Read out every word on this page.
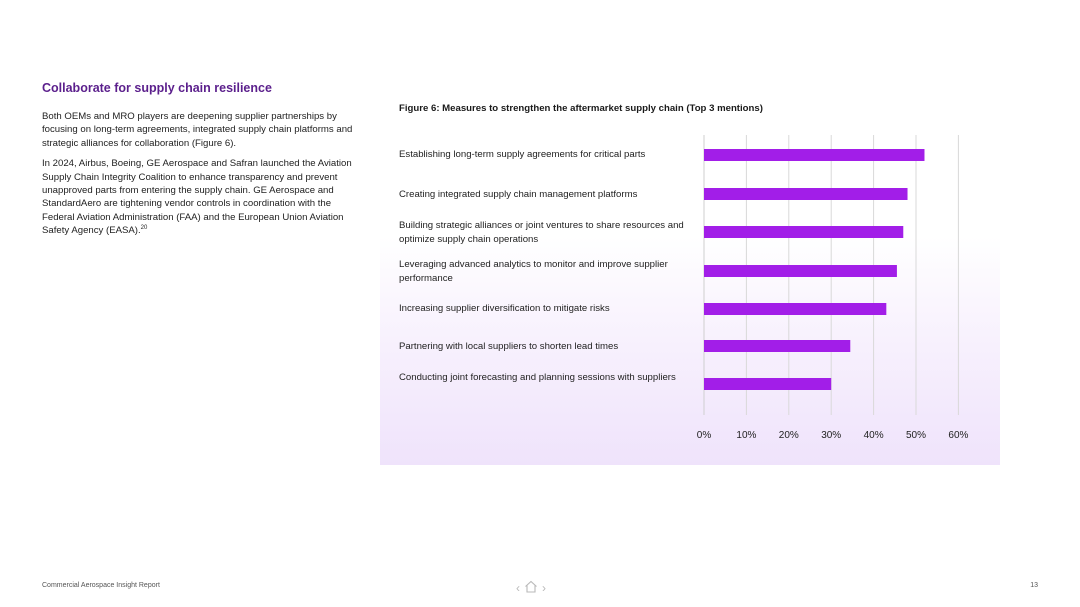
Collaborate for supply chain resilience

Both OEMs and MRO players are deepening supplier partnerships by focusing on long-term agreements, integrated supply chain platforms and strategic alliances for collaboration (Figure 6).

In 2024, Airbus, Boeing, GE Aerospace and Safran launched the Aviation Supply Chain Integrity Coalition to enhance transparency and prevent unapproved parts from entering the supply chain. GE Aerospace and StandardAero are tightening vendor controls in coordination with the Federal Aviation Administration (FAA) and the European Union Aviation Safety Agency (EASA).$^{20}$

Figure 6: Measures to strengthen the aftermarket supply chain (Top 3 mentions)
Establishing long-term supply agreements for critical parts
Creating integrated supply chain management platforms
Building strategic alliances or joint ventures to share resources and optimize supply chain operations
Leveraging advanced analytics to monitor and improve supplier performance
Increasing supplier diversification to mitigate risks
Partnering with local suppliers to shorten lead times
Conducting joint forecasting and planning sessions with suppliers
0%	10% 20% 30% 40% 50% 60%
Commercial Aerospace Insight Report	‹ ›	13
